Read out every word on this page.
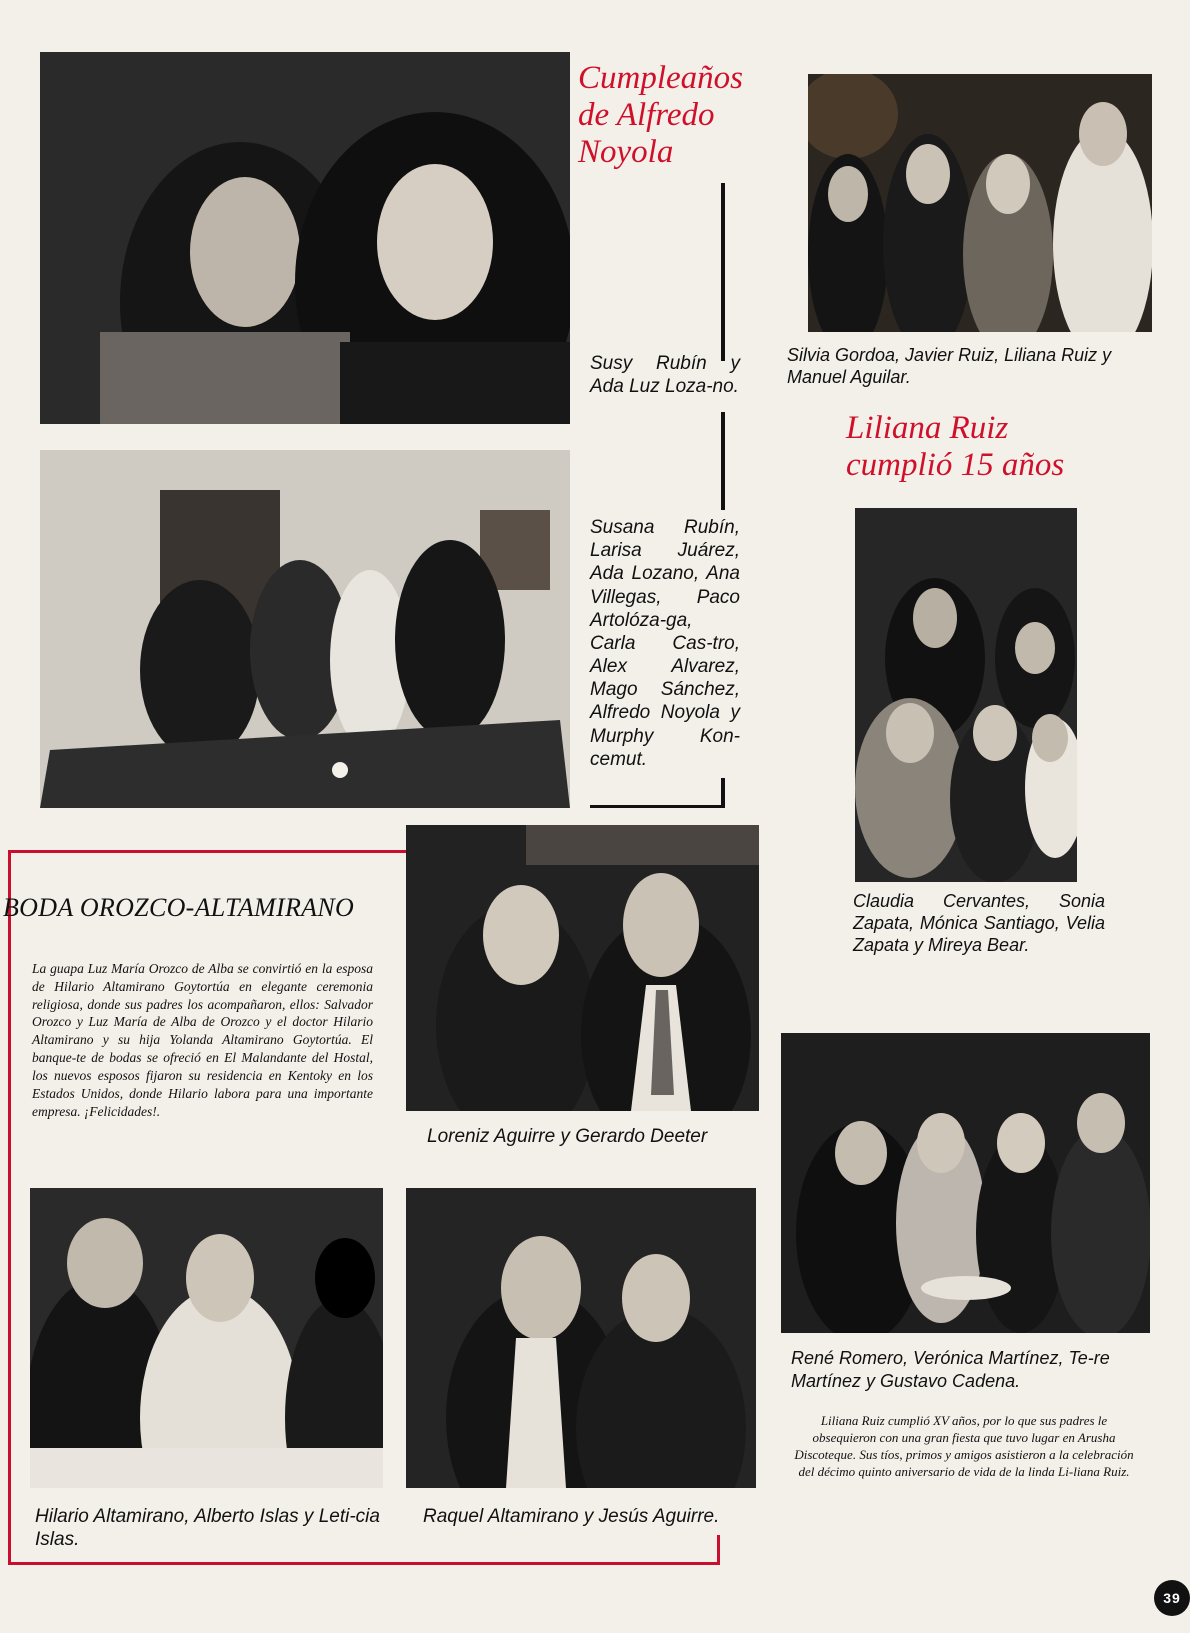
Cumpleaños
de Alfredo
Noyola
Susy Rubín y Ada Luz Loza-no.
Susana Rubín, Larisa Juárez, Ada Lozano, Ana Villegas, Paco Artolóza-ga, Carla Cas-tro, Alex Alvarez, Mago Sánchez, Alfredo Noyola y Murphy Kon-cemut.
Silvia Gordoa, Javier Ruiz, Liliana Ruiz y Manuel Aguilar.
Liliana Ruiz
cumplió 15 años
Claudia Cervantes, Sonia Zapata, Mónica Santiago, Velia Zapata y Mireya Bear.
René Romero, Verónica Martínez, Te-re Martínez y Gustavo Cadena.
Liliana Ruiz cumplió XV años, por lo que sus padres le obsequieron con una gran fiesta que tuvo lugar en Arusha Discoteque. Sus tíos, primos y amigos asistieron a la celebración del décimo quinto aniversario de vida de la linda Li-liana Ruiz.
BODA OROZCO-ALTAMIRANO
La guapa Luz María Orozco de Alba se convirtió en la esposa de Hilario Altamirano Goytortúa en elegante ceremonia religiosa, donde sus padres los acompañaron, ellos: Salvador Orozco y Luz María de Alba de Orozco y el doctor Hilario Altamirano y su hija Yolanda Altamirano Goytortúa. El banque-te de bodas se ofreció en El Malandante del Hostal, los nuevos esposos fijaron su residencia en Kentoky en los Estados Unidos, donde Hilario labora para una importante empresa. ¡Felicidades!.
Loreniz Aguirre y Gerardo Deeter
Hilario Altamirano, Alberto Islas y Leti-cia Islas.
Raquel Altamirano y Jesús Aguirre.
39
